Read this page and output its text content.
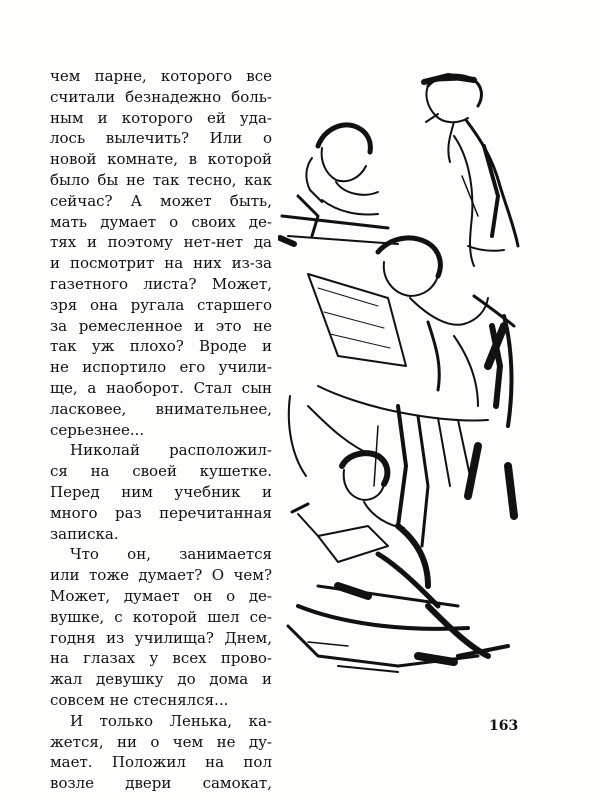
чем парне, которого все
считали безнадежно боль-
ным и которого ей уда-
лось вылечить? Или о
новой комнате, в которой
было бы не так тесно, как
сейчас? А может быть,
мать думает о своих де-
тях и поэтому нет-нет да
и посмотрит на них из-за
газетного листа? Может,
зря она ругала старшего
за ремесленное и это не
так уж плохо? Вроде и
не испортило его учили-
ще, а наоборот. Стал сын
ласковее, внимательнее,
серьезнее...
Николай расположил-
ся на своей кушетке.
Перед ним учебник и
много раз перечитанная
записка.
Что он, занимается
или тоже думает? О чем?
Может, думает он о де-
вушке, с которой шел се-
годня из училища? Днем,
на глазах у всех прово-
жал девушку до дома и
совсем не стеснялся...
И только Ленька, ка-
жется, ни о чем не ду-
мает. Положил на пол
возле двери самокат,
163
